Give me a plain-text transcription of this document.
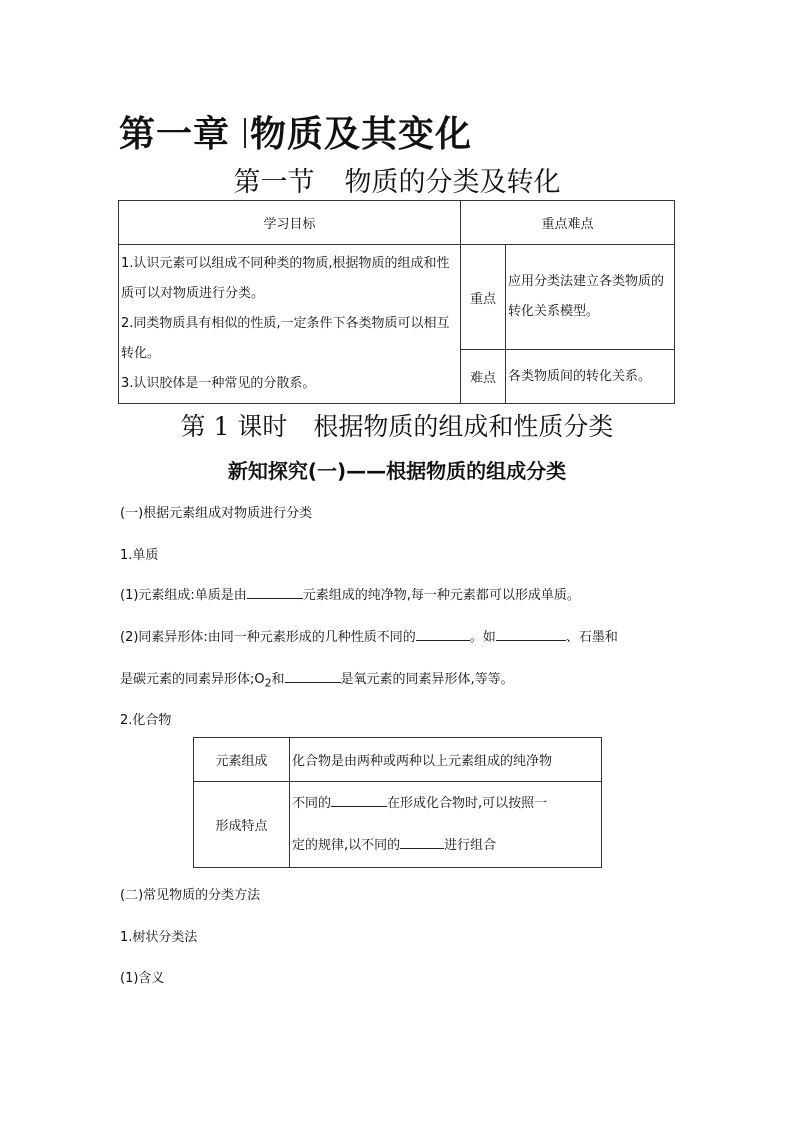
第一章 物质及其变化
第一节 物质的分类及转化
学习目标	重点难点	

1.认识元素可以组成不同种类的物质,根据物质的组成和性质可以对物质进行分类。
2.同类物质具有相似的性质,一定条件下各类物质可以相互转化。
3.认识胶体是一种常见的分散系。	重点	应用分类法建立各类物质的转化关系模型。
	难点	各类物质间的转化关系。
第 1 课时 根据物质的组成和性质分类
新知探究(一)——根据物质的组成分类
(一)根据元素组成对物质进行分类
1.单质
(1)元素组成:单质是由	元素组成的纯净物,每一种元素都可以形成单质。
(2)同素异形体:由同一种元素形成的几种性质不同的	。如	、石墨和
是碳元素的同素异形体$;O_2$和	是氧元素的同素异形体,等等。
2.化合物
元素组成	化合物是由两种或两种以上元素组成的纯净物
形成特点	不同的 在形成化合物时,可以按照一
定的规律,以不同的 进行组合
(二)常见物质的分类方法
1.树状分类法
(1)含义
